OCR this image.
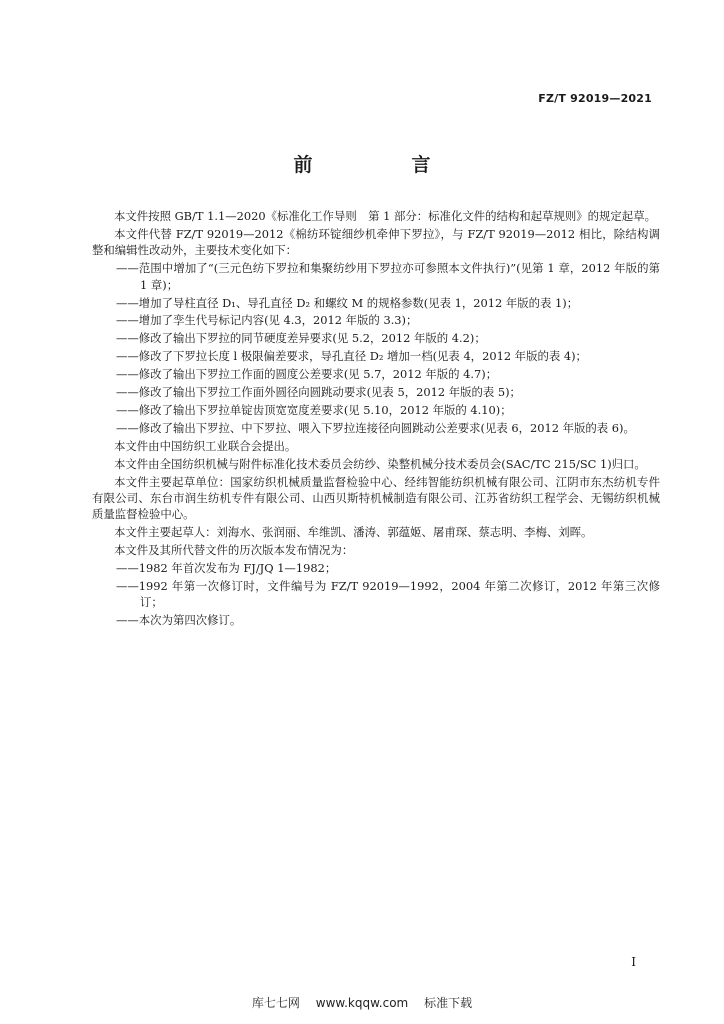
FZ/T 92019—2021
前　言

本文件按照 GB/T 1.1—2020《标准化工作导则　第 1 部分：标准化文件的结构和起草规则》的规定起草。

本文件代替 FZ/T 92019—2012《棉纺环锭细纱机牵伸下罗拉》，与 FZ/T 92019—2012 相比，除结构调整和编辑性改动外，主要技术变化如下：

——范围中增加了“(三元色纺下罗拉和集聚纺纱用下罗拉亦可参照本文件执行)”(见第 1 章，2012 年版的第 1 章)；

——增加了导柱直径 D₁、导孔直径 D₂ 和螺纹 M 的规格参数(见表 1，2012 年版的表 1)；

——增加了孪生代号标记内容(见 4.3，2012 年版的 3.3)；

——修改了输出下罗拉的同节硬度差异要求(见 5.2，2012 年版的 4.2)；

——修改了下罗拉长度 l 极限偏差要求，导孔直径 D₂ 增加一档(见表 4，2012 年版的表 4)；

——修改了输出下罗拉工作面的圆度公差要求(见 5.7，2012 年版的 4.7)；

——修改了输出下罗拉工作面外圆径向圆跳动要求(见表 5，2012 年版的表 5)；

——修改了输出下罗拉单锭齿顶宽宽度差要求(见 5.10，2012 年版的 4.10)；

——修改了输出下罗拉、中下罗拉、喂入下罗拉连接径向圆跳动公差要求(见表 6，2012 年版的表 6)。

本文件由中国纺织工业联合会提出。

本文件由全国纺织机械与附件标准化技术委员会纺纱、染整机械分技术委员会(SAC/TC 215/SC 1)归口。

本文件主要起草单位：国家纺织机械质量监督检验中心、经纬智能纺织机械有限公司、江阴市东杰纺机专件有限公司、东台市润生纺机专件有限公司、山西贝斯特机械制造有限公司、江苏省纺织工程学会、无锡纺织机械质量监督检验中心。

本文件主要起草人：刘海水、张润丽、牟维凯、潘涛、郭蕴姬、屠甫琛、蔡志明、李梅、刘晖。

本文件及其所代替文件的历次版本发布情况为：

——1982 年首次发布为 FJ/JQ 1—1982；

——1992 年第一次修订时，文件编号为 FZ/T 92019—1992，2004 年第二次修订，2012 年第三次修订；

——本次为第四次修订。

I
库七七网 www.kqqw.com 标准下载
